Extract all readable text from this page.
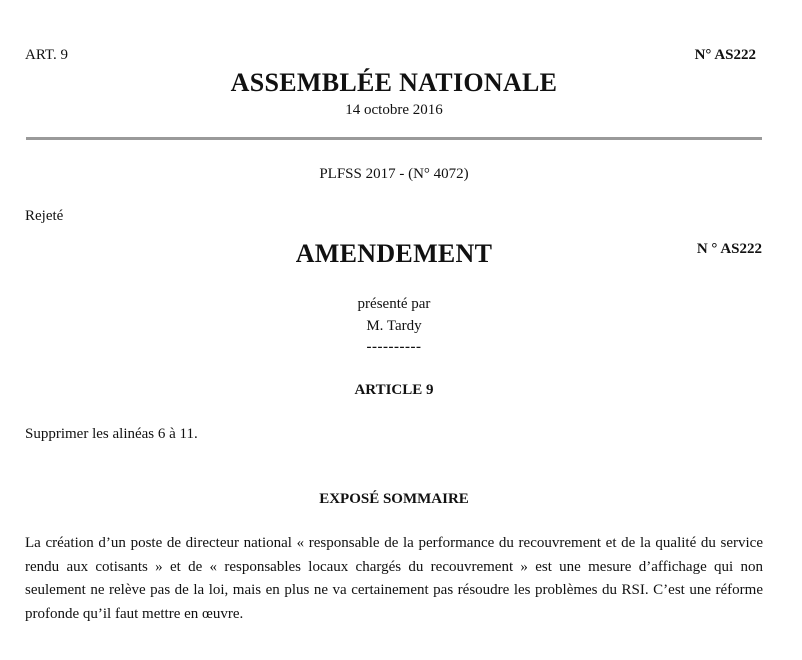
ART. 9	N° AS222
ASSEMBLÉE NATIONALE
14 octobre 2016
PLFSS 2017 - (N° 4072)
Rejeté
AMENDEMENT	N ° AS222
présenté par
M. Tardy
----------
ARTICLE 9
Supprimer les alinéas 6 à 11.
EXPOSÉ SOMMAIRE

La création d’un poste de directeur national « responsable de la performance du recouvrement et de la qualité du service rendu aux cotisants » et de « responsables locaux chargés du recouvrement » est une mesure d’affichage qui non seulement ne relève pas de la loi, mais en plus ne va certainement pas résoudre les problèmes du RSI. C’est une réforme profonde qu’il faut mettre en œuvre.
